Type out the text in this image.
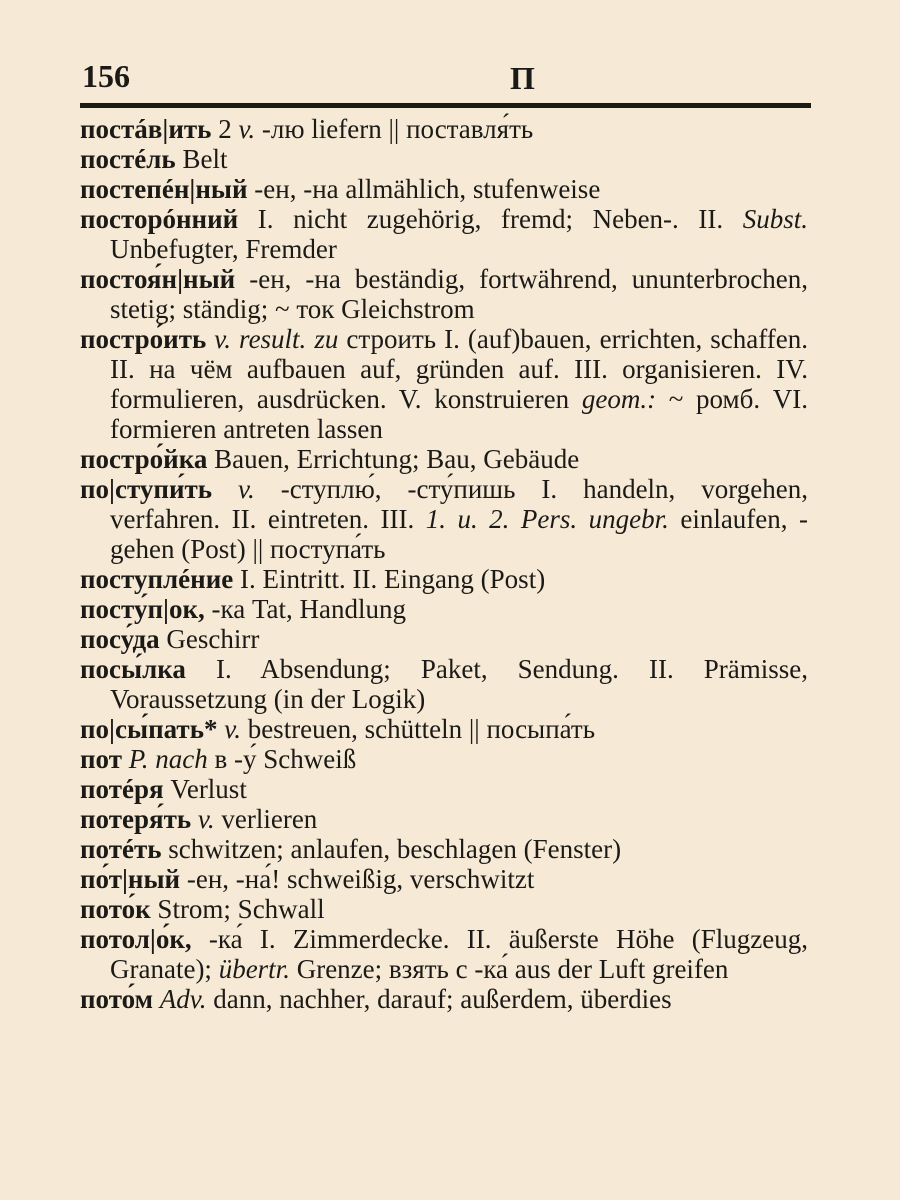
156	П

постáв|ить 2 v. -лю liefern || поставля́ть

постéль Belt

постепéн|ный -ен, -на allmählich, stufenweise

посторóнний I. nicht zugehörig, fremd; Neben-. II. Subst. Unbefugter, Fremder

постоя́н|ный -ен, -на beständig, fortwährend, ununterbrochen, stetig; ständig; ~ ток Gleichstrom

постро́ить v. result. zu строить I. (auf)bauen, errichten, schaffen. II. на чём aufbauen auf, gründen auf. III. organisieren. IV. formulieren, ausdrücken. V. konstruieren geom.: ~ ромб. VI. formieren antreten lassen

постро́йка Bauen, Errichtung; Bau, Gebäude

по|ступи́ть v. -ступлю́, -сту́пишь I. handeln, vorgehen, verfahren. II. eintreten. III. 1. u. 2. Pers. ungebr. einlaufen, -gehen (Post) || поступа́ть

поступлéние I. Eintritt. II. Eingang (Post)

посту́п|ок, -ка Tat, Handlung

посу́да Geschirr

посы́лка I. Absendung; Paket, Sendung. II. Prämisse, Voraussetzung (in der Logik)

по|сы́пать* v. bestreuen, schütteln || посыпа́ть

пот P. nach в -у́ Schweiß

потéря Verlust

потеря́ть v. verlieren

потéть schwitzen; anlaufen, beschlagen (Fenster)

по́т|ный -ен, -на́! schweißig, verschwitzt

пото́к Strom; Schwall

потол|о́к, -ка́ I. Zimmerdecke. II. äußerste Höhe (Flugzeug, Granate); übertr. Grenze; взять с -ка́ aus der Luft greifen

пото́м Adv. dann, nachher, darauf; außerdem, überdies
